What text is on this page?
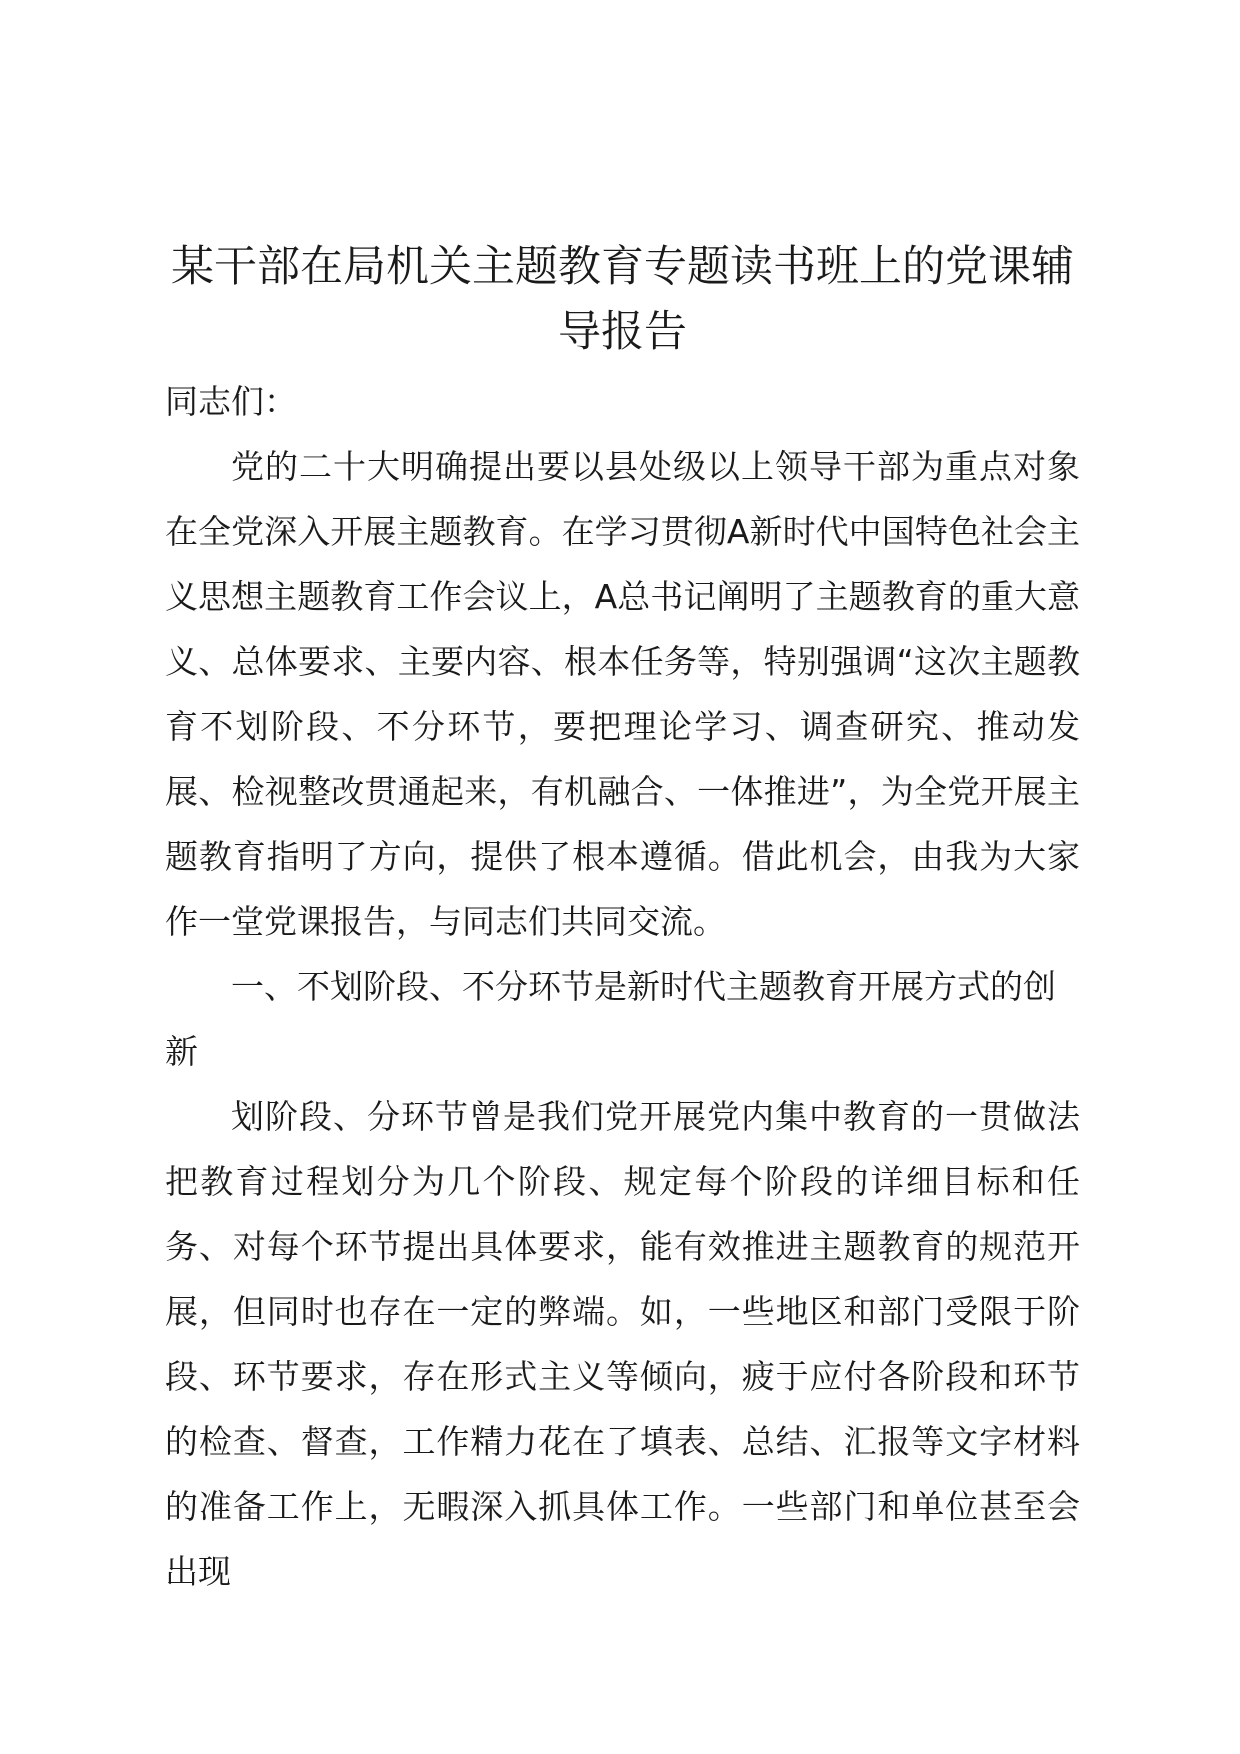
某干部在局机关主题教育专题读书班上的党课辅导报告

同志们：

党的二十大明确提出要以县处级以上领导干部为重点对象在全党深入开展主题教育。在学习贯彻A新时代中国特色社会主义思想主题教育工作会议上，A总书记阐明了主题教育的重大意义、总体要求、主要内容、根本任务等，特别强调“这次主题教育不划阶段、不分环节，要把理论学习、调查研究、推动发展、检视整改贯通起来，有机融合、一体推进”，为全党开展主题教育指明了方向，提供了根本遵循。借此机会，由我为大家作一堂党课报告，与同志们共同交流。

一、不划阶段、不分环节是新时代主题教育开展方式的创新

划阶段、分环节曾是我们党开展党内集中教育的一贯做法把教育过程划分为几个阶段、规定每个阶段的详细目标和任务、对每个环节提出具体要求，能有效推进主题教育的规范开展，但同时也存在一定的弊端。如，一些地区和部门受限于阶段、环节要求，存在形式主义等倾向，疲于应付各阶段和环节的检查、督查，工作精力花在了填表、总结、汇报等文字材料的准备工作上，无暇深入抓具体工作。一些部门和单位甚至会出现
